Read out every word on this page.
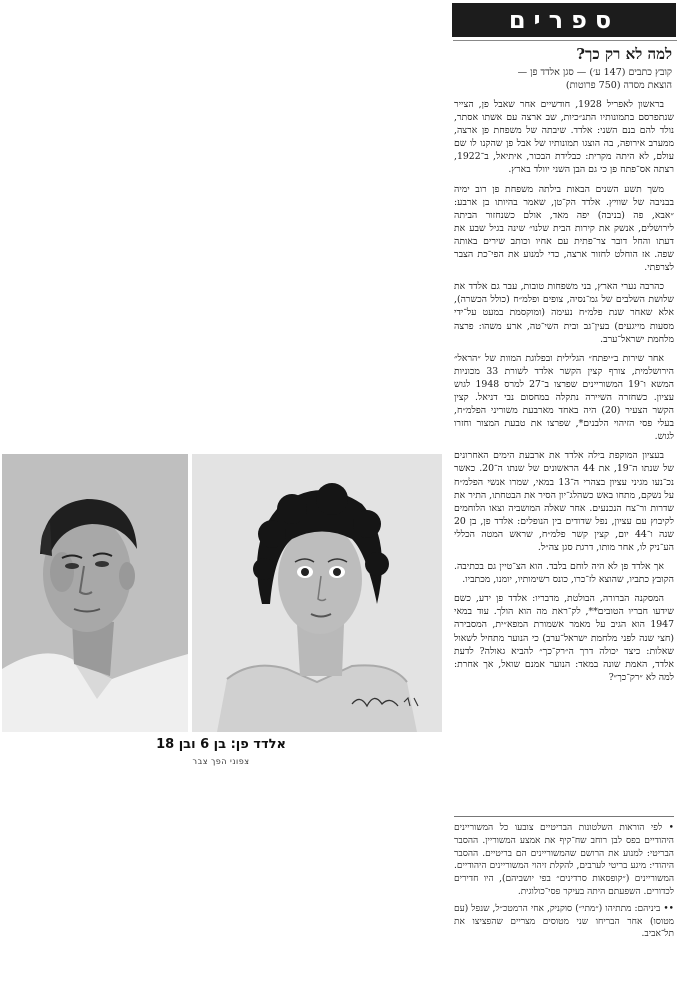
אלדד פן: בן 6 ובן 18
צפוני הפך צבר
ספרים
למה לא רק כך?
קובץ כתבים (147 ע׳) — סגן אלדד פן —
הוצאת מסדה (750 פרוטות)

בראשון לאפריל 1928, חודשיים אחר שאבל פן, הצייר שנתפרסם בתמונותיו התנ״כיות, שב ארצה עם אשתו אסתר, נולד להם בנם השני: אלדד. שיבתה של משפחת פן ארצה, ממערב אירופה, בה הוצגו תמונותיו של אבל פן שהקנו לו שם עולם, לא היתה מקרית: כבלידת הבכור, איתיאל, ב־1922, רצתה אס־פתח פן כי גם הבן השני יוולד בארץ.

משך תשע השנים הבאות בילתה משפחת פן רוב ימיה בבניבה של שוויץ. אלדד הק־טן, שאמר בהיותו בן ארבע: ״אבא, פה (בניבה) יפה מאד, אולם כשנחזור הביתה לירושלים, אנשק את קירות הבית שלנו״ שינה בגיל שבע את דעתו והחל דובר צר־פתית עם אחיו וכותב שירים באותה שפה. אז הוחלט לחזור ארצה, כדי למנוע את הפי־כת הצבר לצרפתי.

כהרבה נערי הארץ, בני משפחות טובות, עבר גם אלדד את שלושת השלבים של גמ־נסיה, צופים ופלמ״ח (כולל הכשרה), אלא שאחר שנת פלמ״ח נעימה (ומוקסמת במעט על־ידי מסעות מייגעים) בעין־גב ובית השי־טה, ארע משהו: פרצה מלחמת ישראל־ערב.

אחר שירות ב״יפתח״ הגלילית ובפלוגת המוות של ״הראל״ הירושלמית, צורף קצין הקשר אלדד לשורת 33 מכוניות המשא ו־19 המשוריינים שפרצו ב־27 למרס 1948 לגוש עציון. כשחזרה השיירה נתקלה במחסום נבי דניאל. קצין הקשר הצעיר (20) היה באחד מארבעת משוריני הפלמ״ח, בעלי פסי הזיהוי הלבנים*, שפרצו את טבעת המצור וחזרו לגוש.

בעציון המוקפת בילה אלדד את ארבעת הימים האחרונים של שנתו ה־19, את 44 הראשונים של שנתו ה־20. כאשר נכ־נעו מגיני עציון בצהרי ה־13 במאי, שמרו אנשי הפלמ״ח על נשקם, מתחו באש כשהלג־יון הסיר את הבטחתו, התיר את שדרות ור־צח הנכנעים. אחר שאלה המושביה וצאו הלוחמים לקיבוץ עם עציון, נפל שדודים בין הנופלים: אלדד פן, בן 20 שנה ו־44 יום, קצין קשר פלמ״ח, שראש המטה הכללי הע־ניק לו, אחר מותו, דרגת סגן צה״ל.

אך אלדד פן לא היה לוחם בלבד. הוא הצ־טיין גם בכתיבה. הקובץ כתביו, שהוצא לז־כרו, כונס רשימותיו, יומנו, מכתביו.

המסקנה הברורה, הבולטת, מדבריו: אלדד פן ידע, כשם שידעו חבריו הטובים**, לק־ראת מה הוא הולך. עוד במאי 1947 הוא הגיב על מאמר אשמורת המפא״ית, המסבירה (חצי שנה לפני מלחמת ישראל־ערב) כי הנוער מתחיל לשאול שאלות: כיצד יכולה דרך ה״רק־כך״ להביא גאולה? לדעת אלדד, האמת שונה במאד: הנוער אמנם שואל, אך אחרת: למה לא ״רק־כך״?

• לפי הוראות השלטונות הבריטיים צובעו כל המשוריינים היהודיים בפס לבן רוחב שח־קיף את אמצע המשוריין. ההסבר הבריטי: למנוע את הרושם שהמשוריינים הם בריטיים. ההסבר היהודי: מיגע בריטי לערבים, להקלת זיהוי המשוריינים היהודיים. המשוריינים (״קופסאות סרדינים״ בפי יושביהם), היו חדירים לכדורים. השפעתם היתה בעיקר פסי־כולוגית.

•• ביניהם: מתתיהו (״מתי״) סוקניק, אחי הרמטכ״ל, שנפל (עם מטוסו) אחר הבריחו שני מטוסים מצריים שהפציצו את תל־אביב.
